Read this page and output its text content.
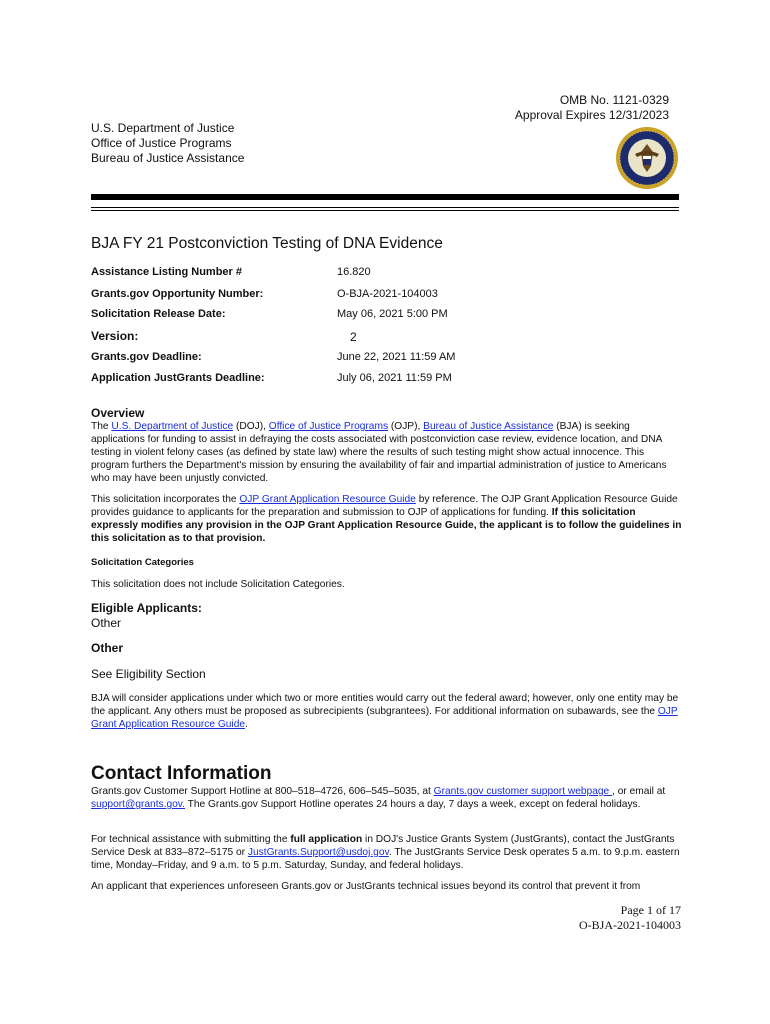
OMB No. 1121-0329
Approval Expires 12/31/2023
U.S. Department of Justice
Office of Justice Programs
Bureau of Justice Assistance
BJA FY 21 Postconviction Testing of DNA Evidence
Assistance Listing Number #	16.820
Grants.gov Opportunity Number:	O-BJA-2021-104003
Solicitation Release Date:	May 06, 2021 5:00 PM
Version:	2
Grants.gov Deadline:	June 22, 2021 11:59 AM
Application JustGrants Deadline:	July 06, 2021 11:59 PM
Overview
The U.S. Department of Justice (DOJ), Office of Justice Programs (OJP), Bureau of Justice Assistance (BJA) is seeking applications for funding to assist in defraying the costs associated with postconviction case review, evidence location, and DNA testing in violent felony cases (as defined by state law) where the results of such testing might show actual innocence. This program furthers the Department's mission by ensuring the availability of fair and impartial administration of justice to Americans who may have been unjustly convicted.
This solicitation incorporates the OJP Grant Application Resource Guide by reference. The OJP Grant Application Resource Guide provides guidance to applicants for the preparation and submission to OJP of applications for funding. If this solicitation expressly modifies any provision in the OJP Grant Application Resource Guide, the applicant is to follow the guidelines in this solicitation as to that provision.
Solicitation Categories
This solicitation does not include Solicitation Categories.
Eligible Applicants:
Other
Other
See Eligibility Section
BJA will consider applications under which two or more entities would carry out the federal award; however, only one entity may be the applicant. Any others must be proposed as subrecipients (subgrantees). For additional information on subawards, see the OJP Grant Application Resource Guide.
Contact Information
Grants.gov Customer Support Hotline at 800–518–4726, 606–545–5035, at Grants.gov customer support webpage , or email at support@grants.gov. The Grants.gov Support Hotline operates 24 hours a day, 7 days a week, except on federal holidays.
For technical assistance with submitting the full application in DOJ's Justice Grants System (JustGrants), contact the JustGrants Service Desk at 833–872–5175 or JustGrants.Support@usdoj.gov. The JustGrants Service Desk operates 5 a.m. to 9.p.m. eastern time, Monday–Friday, and 9 a.m. to 5 p.m. Saturday, Sunday, and federal holidays.
An applicant that experiences unforeseen Grants.gov or JustGrants technical issues beyond its control that prevent it from
Page 1 of 17
O-BJA-2021-104003
